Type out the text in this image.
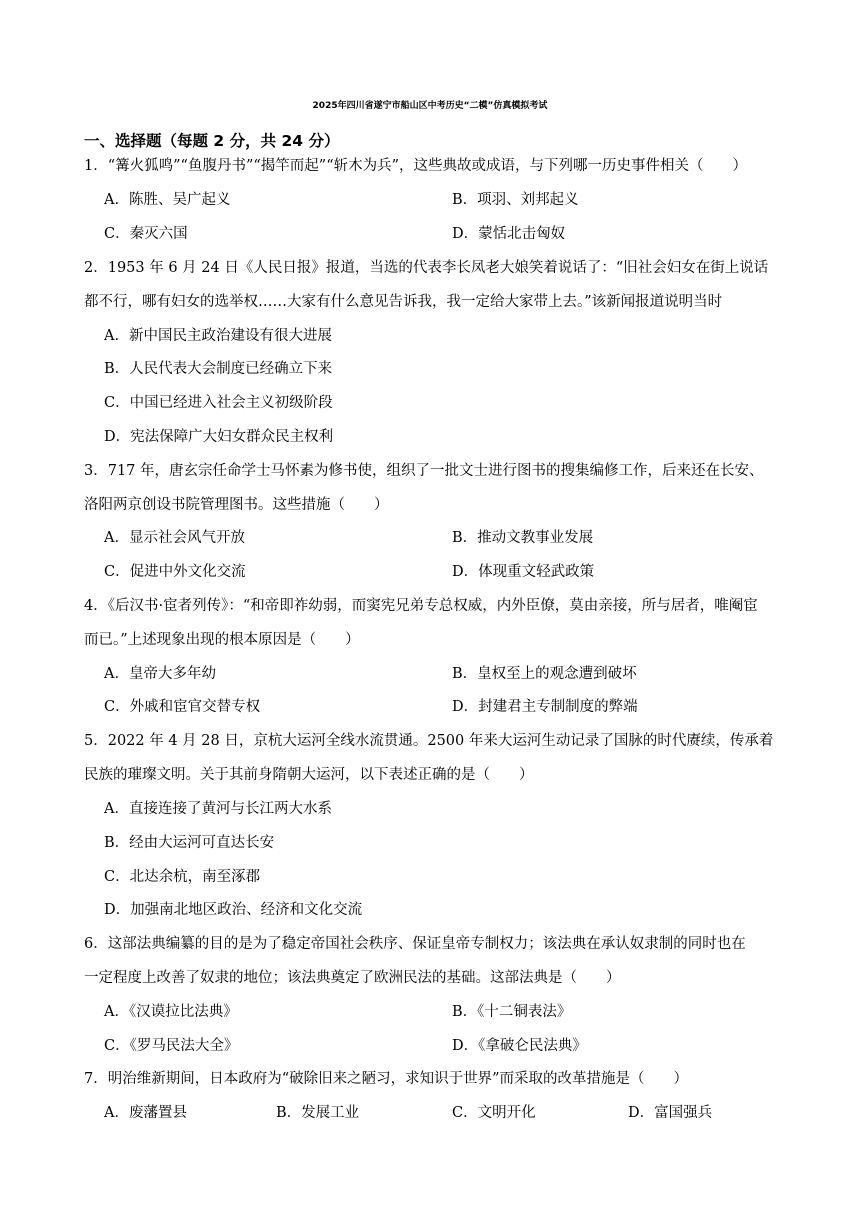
2025年四川省遂宁市船山区中考历史“二模”仿真模拟考试
一、选择题（每题 2 分，共 24 分）
1．“篝火狐鸣”“鱼腹丹书”“揭竿而起”“斩木为兵”，这些典故或成语，与下列哪一历史事件相关（　　）
A．陈胜、吴广起义	B．项羽、刘邦起义
C．秦灭六国	D．蒙恬北击匈奴
2．1953 年 6 月 24 日《人民日报》报道，当选的代表李长凤老大娘笑着说话了：“旧社会妇女在街上说话
都不行，哪有妇女的选举权……大家有什么意见告诉我，我一定给大家带上去。”该新闻报道说明当时
A．新中国民主政治建设有很大进展
B．人民代表大会制度已经确立下来
C．中国已经进入社会主义初级阶段
D．宪法保障广大妇女群众民主权利
3．717 年，唐玄宗任命学士马怀素为修书使，组织了一批文士进行图书的搜集编修工作，后来还在长安、
洛阳两京创设书院管理图书。这些措施（　　）
A．显示社会风气开放	B．推动文教事业发展
C．促进中外文化交流	D．体现重文轻武政策
4．《后汉书·宦者列传》：“和帝即祚幼弱，而窦宪兄弟专总权威，内外臣僚，莫由亲接，所与居者，唯阉宦
而已。”上述现象出现的根本原因是（　　）
A．皇帝大多年幼	B．皇权至上的观念遭到破坏
C．外戚和宦官交替专权	D．封建君主专制制度的弊端
5．2022 年 4 月 28 日，京杭大运河全线水流贯通。2500 年来大运河生动记录了国脉的时代赓续，传承着
民族的璀璨文明。关于其前身隋朝大运河，以下表述正确的是（　　）
A．直接连接了黄河与长江两大水系
B．经由大运河可直达长安
C．北达余杭，南至涿郡
D．加强南北地区政治、经济和文化交流
6．这部法典编纂的目的是为了稳定帝国社会秩序、保证皇帝专制权力；该法典在承认奴隶制的同时也在
一定程度上改善了奴隶的地位；该法典奠定了欧洲民法的基础。这部法典是（　　）
A．《汉谟拉比法典》	B．《十二铜表法》
C．《罗马民法大全》	D．《拿破仑民法典》
7．明治维新期间，日本政府为“破除旧来之陋习，求知识于世界”而采取的改革措施是（　　）
A．废藩置县	B．发展工业	C．文明开化	D．富国强兵
